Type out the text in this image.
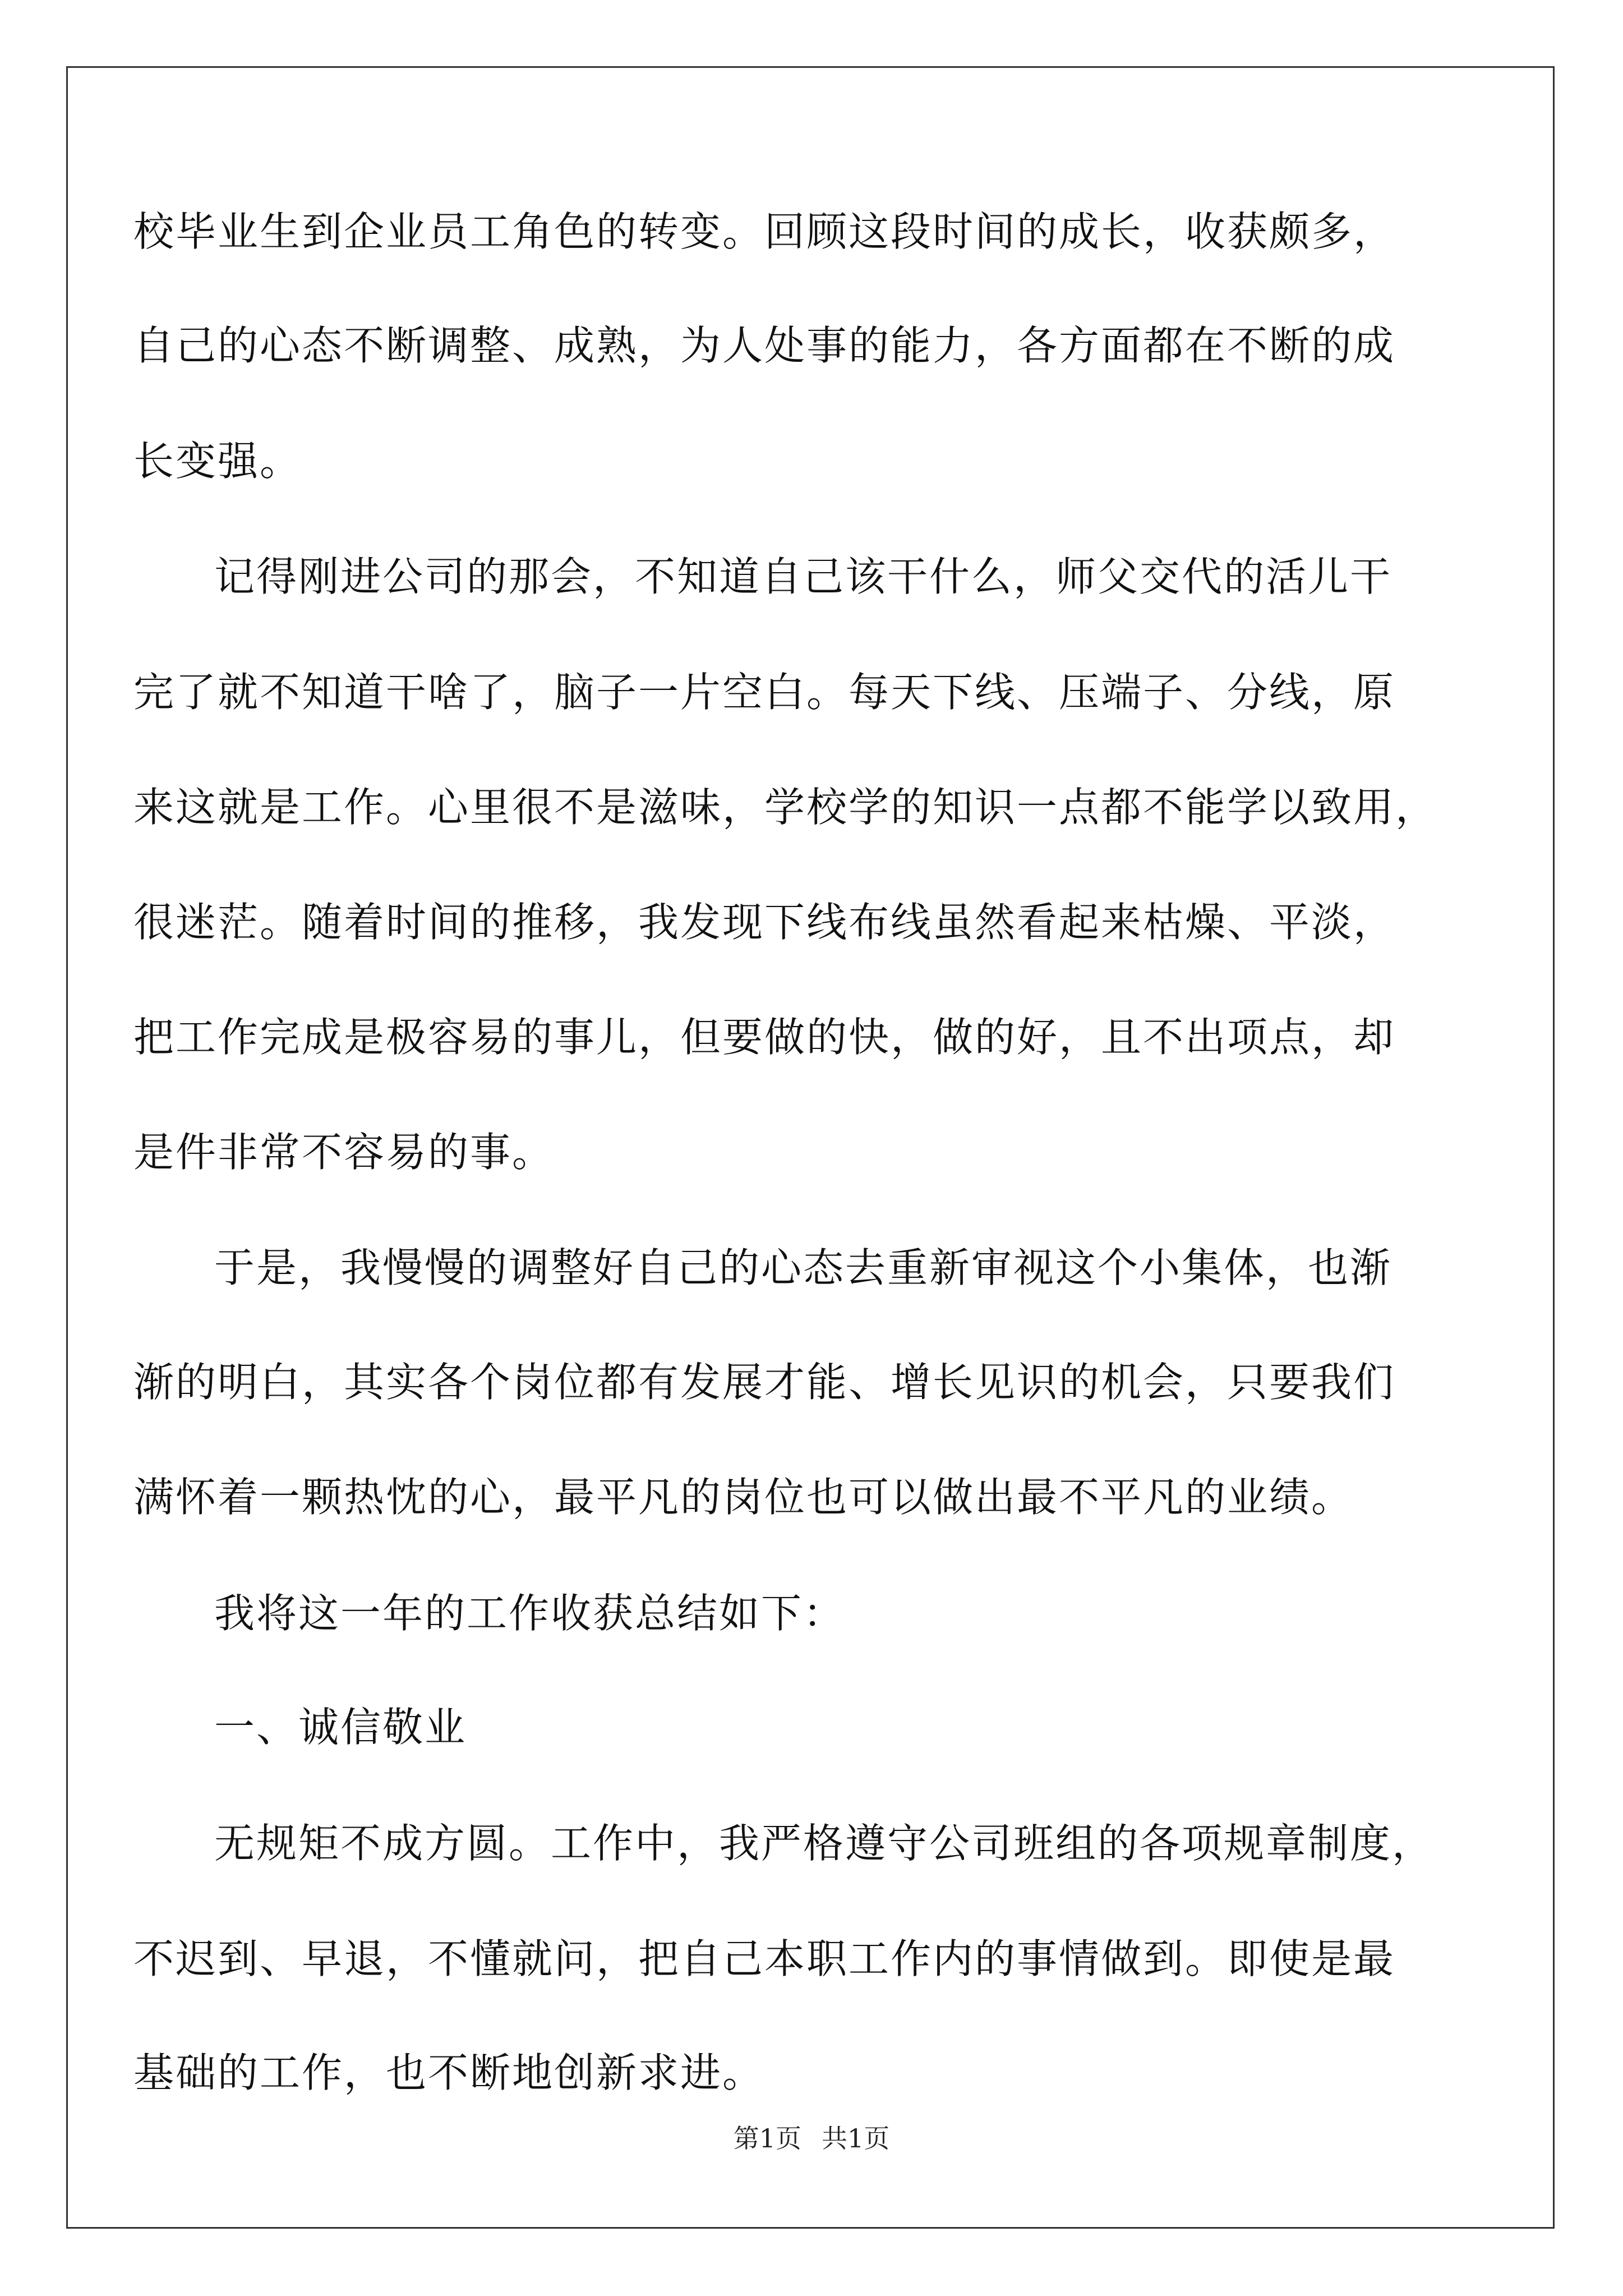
校毕业生到企业员工角色的转变。回顾这段时间的成长，收获颇多，
自己的心态不断调整、成熟，为人处事的能力，各方面都在不断的成
长变强。
记得刚进公司的那会，不知道自己该干什么，师父交代的活儿干
完了就不知道干啥了，脑子一片空白。每天下线、压端子、分线，原
来这就是工作。心里很不是滋味，学校学的知识一点都不能学以致用，
很迷茫。随着时间的推移，我发现下线布线虽然看起来枯燥、平淡，
把工作完成是极容易的事儿，但要做的快，做的好，且不出项点，却
是件非常不容易的事。
于是，我慢慢的调整好自己的心态去重新审视这个小集体，也渐
渐的明白，其实各个岗位都有发展才能、增长见识的机会，只要我们
满怀着一颗热忱的心，最平凡的岗位也可以做出最不平凡的业绩。
我将这一年的工作收获总结如下：
一、诚信敬业
无规矩不成方圆。工作中，我严格遵守公司班组的各项规章制度，
不迟到、早退，不懂就问，把自己本职工作内的事情做到。即使是最
基础的工作，也不断地创新求进。
第1页 共1页
